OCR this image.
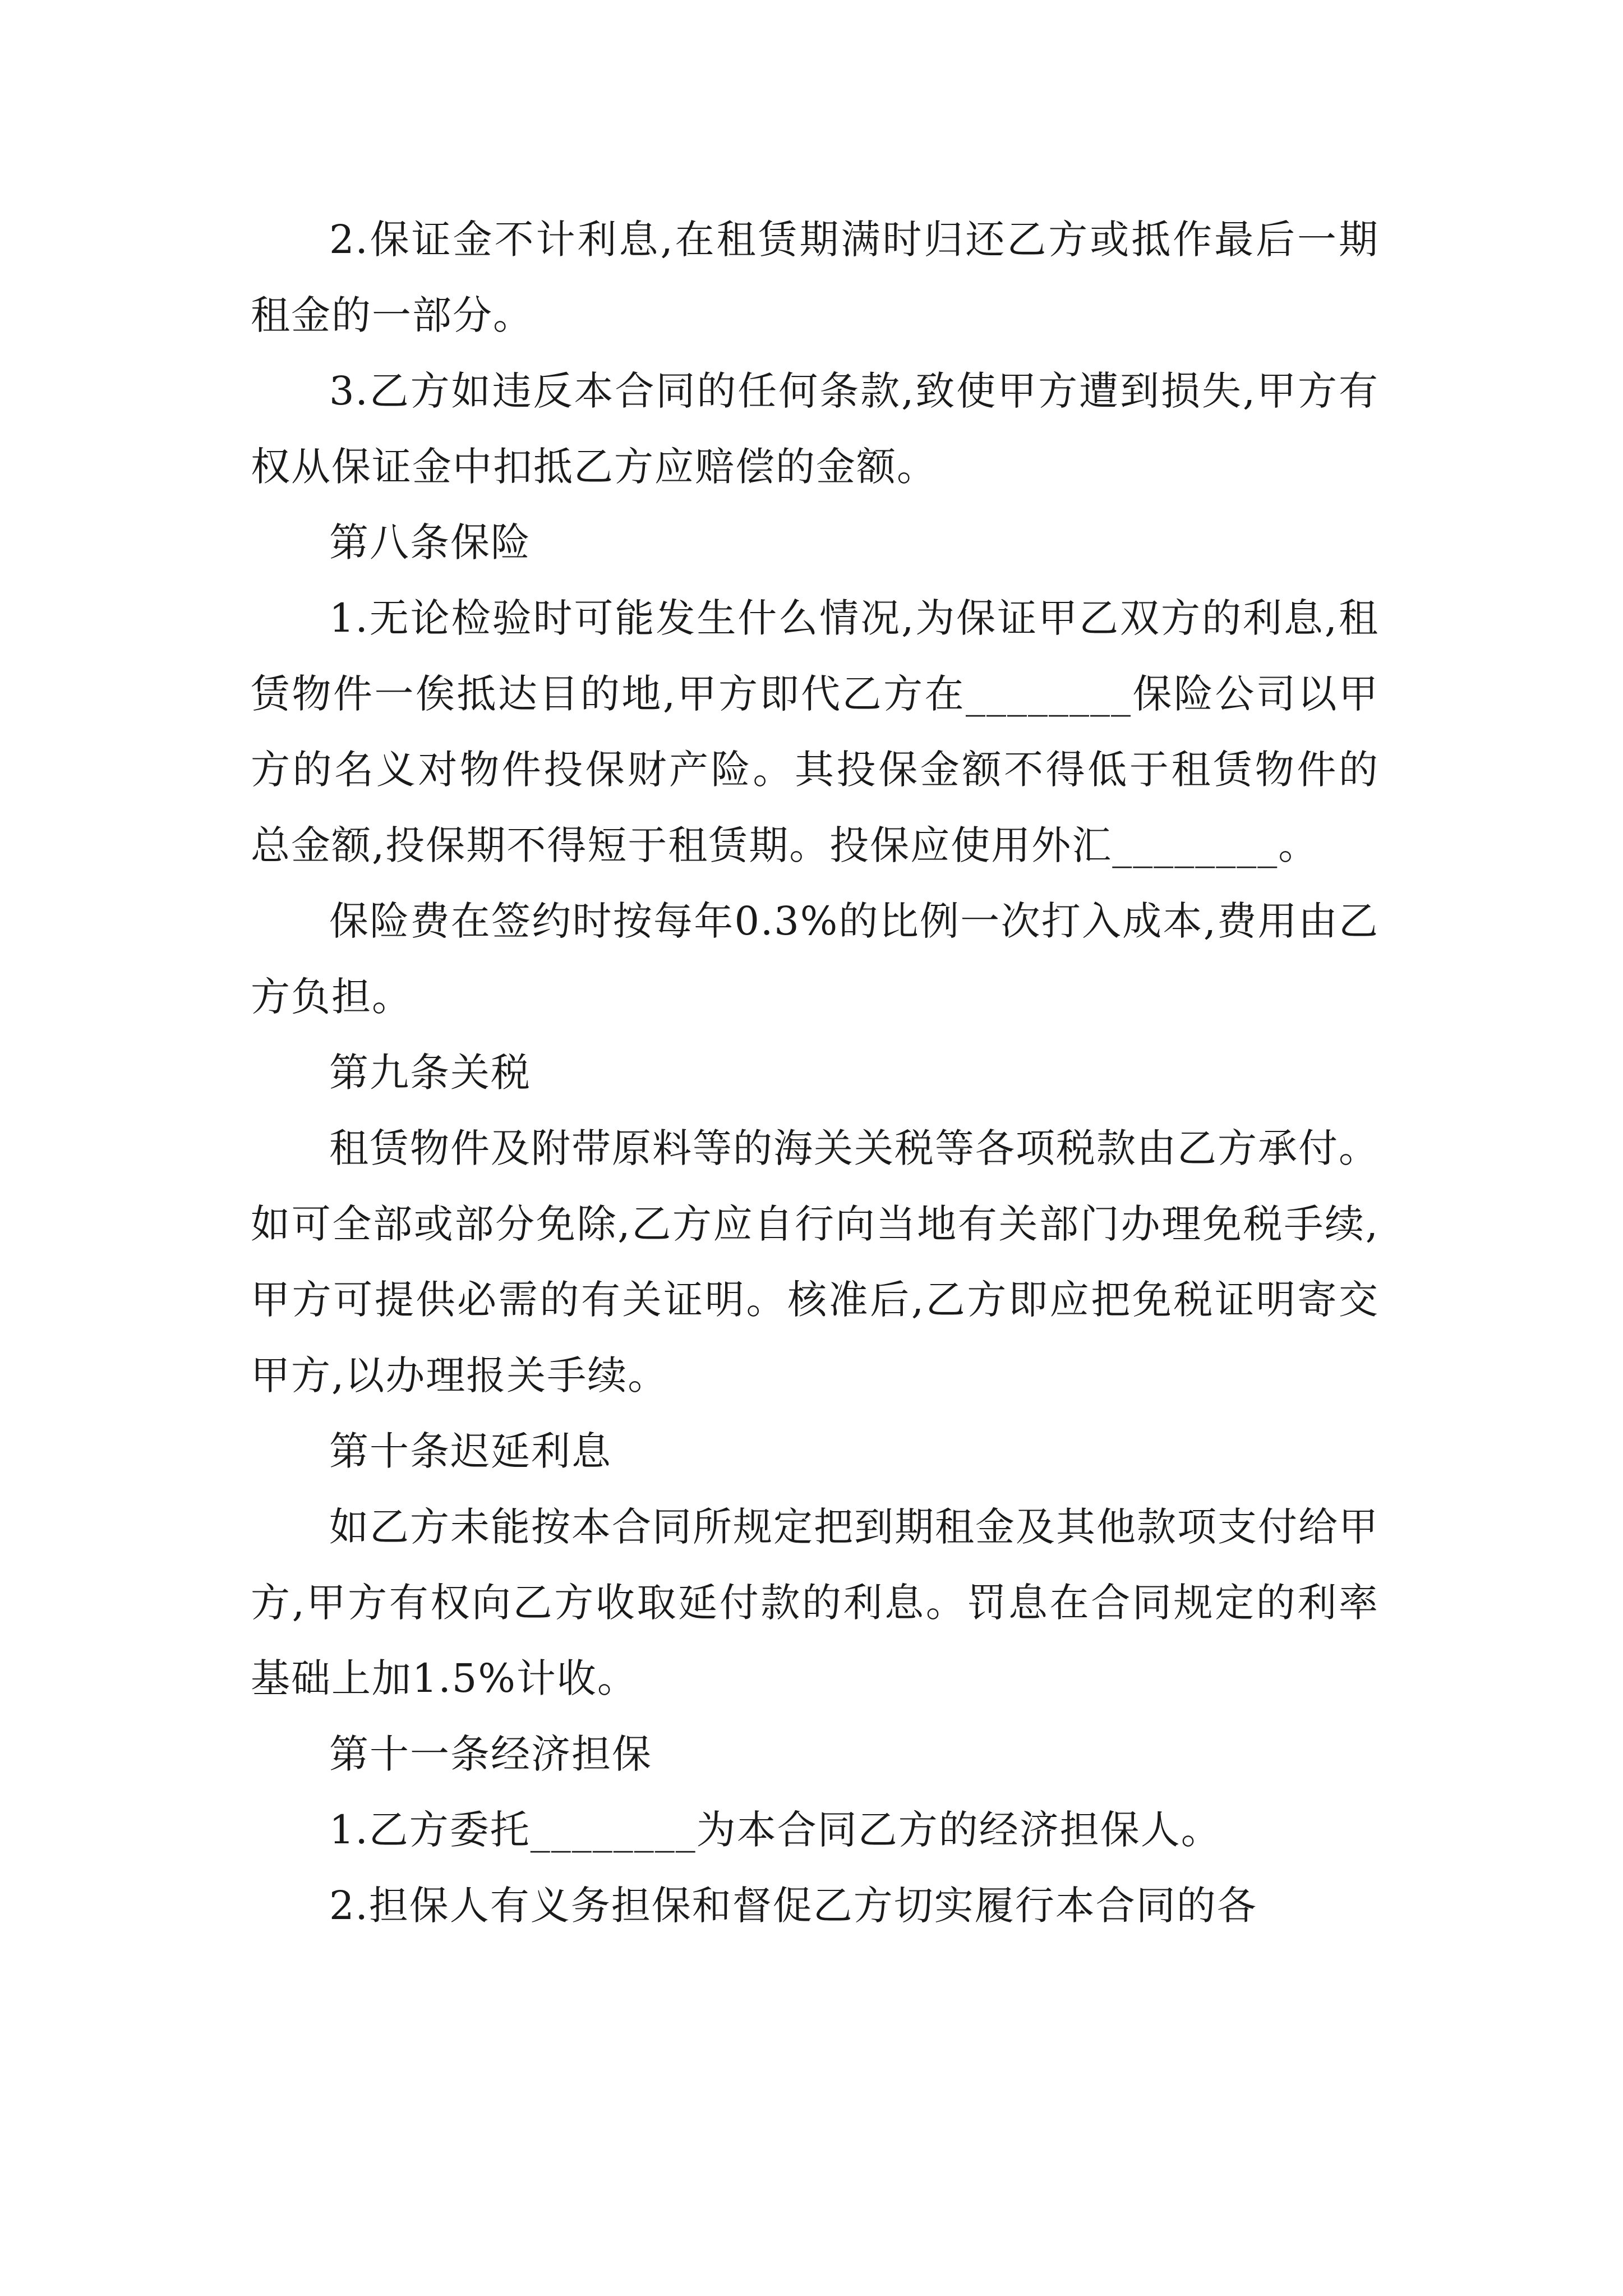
2.保证金不计利息,在租赁期满时归还乙方或抵作最后一期租金的一部分。

3.乙方如违反本合同的任何条款,致使甲方遭到损失,甲方有权从保证金中扣抵乙方应赔偿的金额。

第八条保险

1.无论检验时可能发生什么情况,为保证甲乙双方的利息,租赁物件一俟抵达目的地,甲方即代乙方在________保险公司以甲方的名义对物件投保财产险。其投保金额不得低于租赁物件的总金额,投保期不得短于租赁期。投保应使用外汇________。

保险费在签约时按每年0.3%的比例一次打入成本,费用由乙方负担。

第九条关税

租赁物件及附带原料等的海关关税等各项税款由乙方承付。如可全部或部分免除,乙方应自行向当地有关部门办理免税手续,甲方可提供必需的有关证明。核准后,乙方即应把免税证明寄交甲方,以办理报关手续。

第十条迟延利息

如乙方未能按本合同所规定把到期租金及其他款项支付给甲方,甲方有权向乙方收取延付款的利息。罚息在合同规定的利率基础上加1.5%计收。

第十一条经济担保

1.乙方委托________为本合同乙方的经济担保人。

2.担保人有义务担保和督促乙方切实履行本合同的各
